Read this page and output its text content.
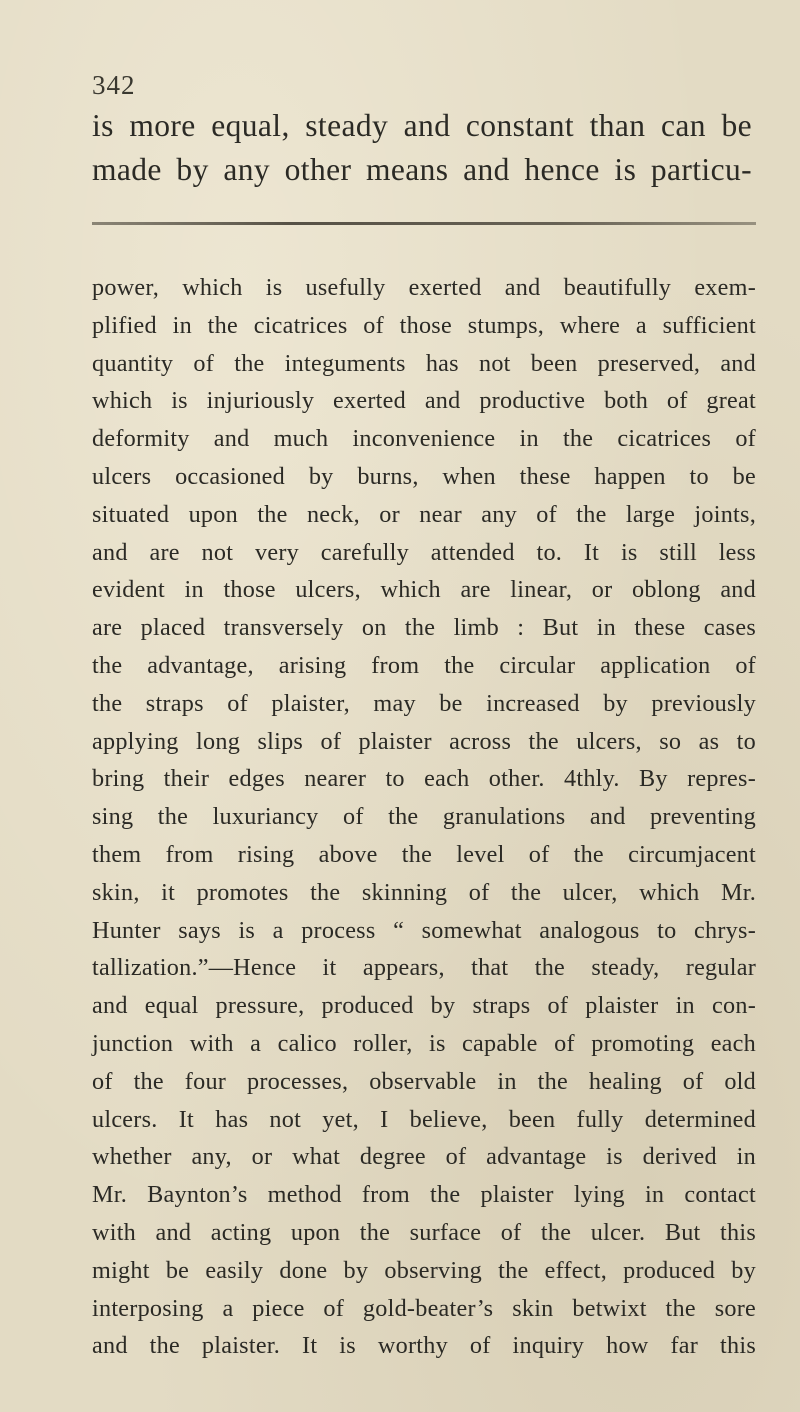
342
is more equal, steady and constant than can be
made by any other means and hence is particu-
power, which is usefully exerted and beautifully exem-
plified in the cicatrices of those stumps, where a sufficient
quantity of the integuments has not been preserved, and
which is injuriously exerted and productive both of great
deformity and much inconvenience in the cicatrices of
ulcers occasioned by burns, when these happen to be
situated upon the neck, or near any of the large joints,
and are not very carefully attended to. It is still less
evident in those ulcers, which are linear, or oblong and
are placed transversely on the limb : But in these cases
the advantage, arising from the circular application of
the straps of plaister, may be increased by previously
applying long slips of plaister across the ulcers, so as to
bring their edges nearer to each other. 4thly. By repres-
sing the luxuriancy of the granulations and preventing
them from rising above the level of the circumjacent
skin, it promotes the skinning of the ulcer, which Mr.
Hunter says is a process “ somewhat analogous to chrys-
tallization.”—Hence it appears, that the steady, regular
and equal pressure, produced by straps of plaister in con-
junction with a calico roller, is capable of promoting each
of the four processes, observable in the healing of old
ulcers. It has not yet, I believe, been fully determined
whether any, or what degree of advantage is derived in
Mr. Baynton’s method from the plaister lying in contact
with and acting upon the surface of the ulcer. But this
might be easily done by observing the effect, produced by
interposing a piece of gold-beater’s skin betwixt the sore
and the plaister. It is worthy of inquiry how far this
